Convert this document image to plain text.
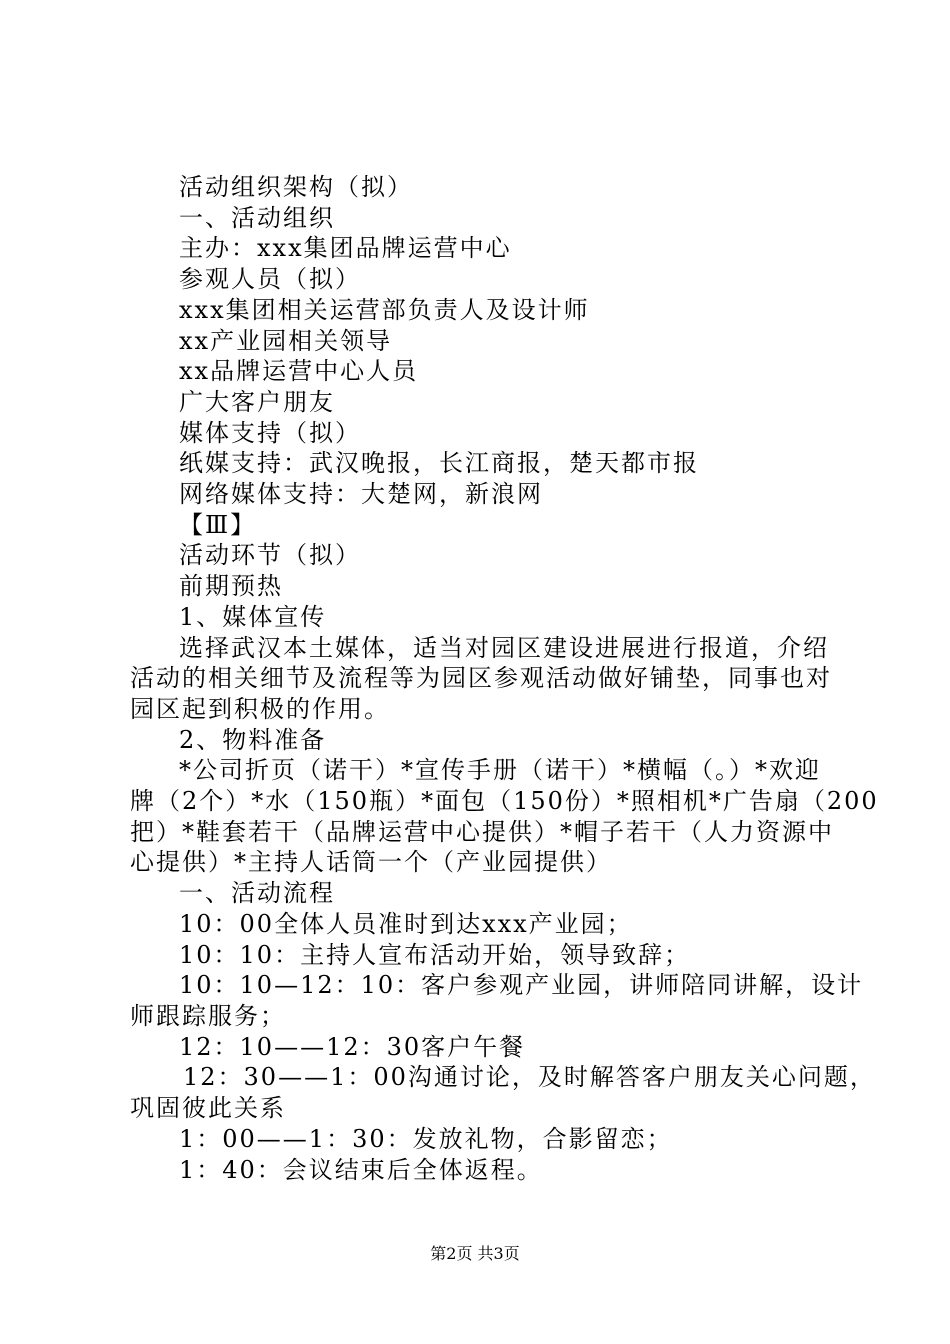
活动组织架构（拟）
一、活动组织
主办：xxx集团品牌运营中心
参观人员（拟）
xxx集团相关运营部负责人及设计师
xx产业园相关领导
xx品牌运营中心人员
广大客户朋友
媒体支持（拟）
纸媒支持：武汉晚报，长江商报，楚天都市报
网络媒体支持：大楚网，新浪网
【Ⅲ】
活动环节（拟）
前期预热
1、媒体宣传
选择武汉本土媒体，适当对园区建设进展进行报道，介绍
活动的相关细节及流程等为园区参观活动做好铺垫，同事也对
园区起到积极的作用。
2、物料准备
*公司折页（诺干）*宣传手册（诺干）*横幅（。）*欢迎
牌（2个）*水（150瓶）*面包（150份）*照相机*广告扇（200
把）*鞋套若干（品牌运营中心提供）*帽子若干（人力资源中
心提供）*主持人话筒一个（产业园提供）
一、活动流程
10：00全体人员准时到达xxx产业园；
10：10：主持人宣布活动开始，领导致辞；
10：10—12：10：客户参观产业园，讲师陪同讲解，设计
师跟踪服务；
12：10——12：30客户午餐
12：30——1：00沟通讨论，及时解答客户朋友关心问题，
巩固彼此关系
1：00——1：30：发放礼物，合影留恋；
1：40：会议结束后全体返程。
第2页 共3页
